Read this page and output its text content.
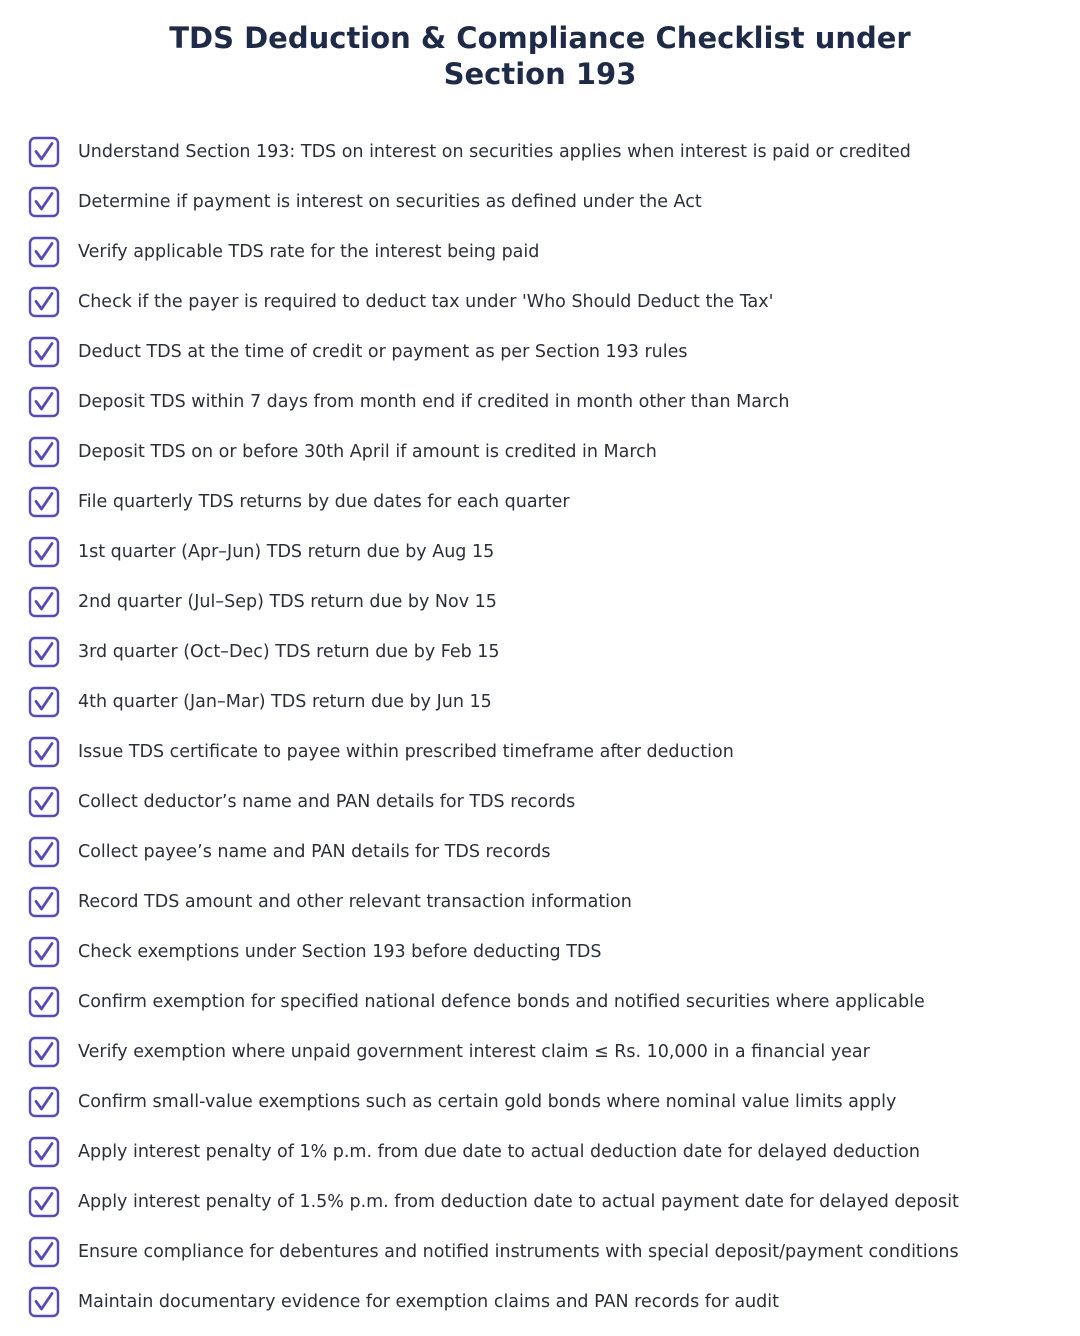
TDS Deduction & Compliance Checklist under
Section 193
Understand Section 193: TDS on interest on securities applies when interest is paid or credited
Determine if payment is interest on securities as defined under the Act
Verify applicable TDS rate for the interest being paid
Check if the payer is required to deduct tax under 'Who Should Deduct the Tax'
Deduct TDS at the time of credit or payment as per Section 193 rules
Deposit TDS within 7 days from month end if credited in month other than March
Deposit TDS on or before 30th April if amount is credited in March
File quarterly TDS returns by due dates for each quarter
1st quarter (Apr–Jun) TDS return due by Aug 15
2nd quarter (Jul–Sep) TDS return due by Nov 15
3rd quarter (Oct–Dec) TDS return due by Feb 15
4th quarter (Jan–Mar) TDS return due by Jun 15
Issue TDS certificate to payee within prescribed timeframe after deduction
Collect deductor’s name and PAN details for TDS records
Collect payee’s name and PAN details for TDS records
Record TDS amount and other relevant transaction information
Check exemptions under Section 193 before deducting TDS
Confirm exemption for specified national defence bonds and notified securities where applicable
Verify exemption where unpaid government interest claim ≤ Rs. 10,000 in a financial year
Confirm small-value exemptions such as certain gold bonds where nominal value limits apply
Apply interest penalty of 1% p.m. from due date to actual deduction date for delayed deduction
Apply interest penalty of 1.5% p.m. from deduction date to actual payment date for delayed deposit
Ensure compliance for debentures and notified instruments with special deposit/payment conditions
Maintain documentary evidence for exemption claims and PAN records for audit
